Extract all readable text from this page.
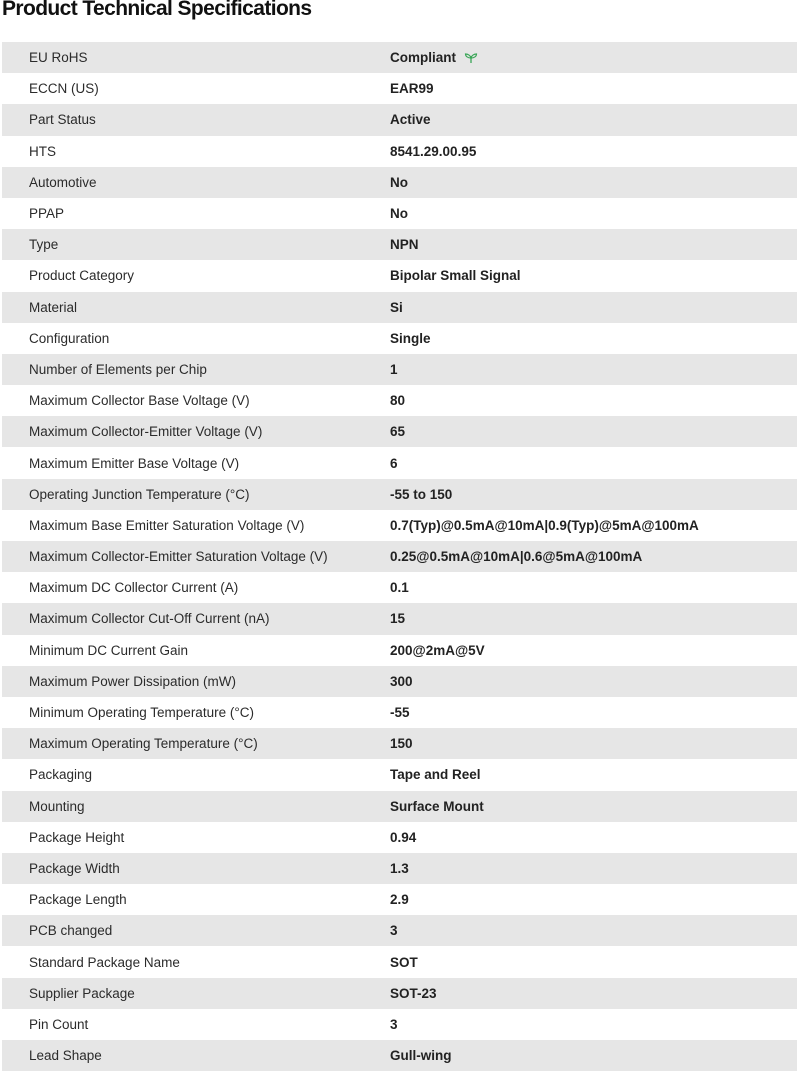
Product Technical Specifications
EU RoHS	Compliant
ECCN (US)	EAR99
Part Status	Active
HTS	8541.29.00.95
Automotive	No
PPAP	No
Type	NPN
Product Category	Bipolar Small Signal
Material	Si
Configuration	Single
Number of Elements per Chip	1
Maximum Collector Base Voltage (V)	80
Maximum Collector-Emitter Voltage (V)	65
Maximum Emitter Base Voltage (V)	6
Operating Junction Temperature (°C)	-55 to 150
Maximum Base Emitter Saturation Voltage (V)	0.7(Typ)@0.5mA@10mA|0.9(Typ)@5mA@100mA
Maximum Collector-Emitter Saturation Voltage (V)	0.25@0.5mA@10mA|0.6@5mA@100mA
Maximum DC Collector Current (A)	0.1
Maximum Collector Cut-Off Current (nA)	15
Minimum DC Current Gain	200@2mA@5V
Maximum Power Dissipation (mW)	300
Minimum Operating Temperature (°C)	-55
Maximum Operating Temperature (°C)	150
Packaging	Tape and Reel
Mounting	Surface Mount
Package Height	0.94
Package Width	1.3
Package Length	2.9
PCB changed	3
Standard Package Name	SOT
Supplier Package	SOT-23
Pin Count	3
Lead Shape	Gull-wing
